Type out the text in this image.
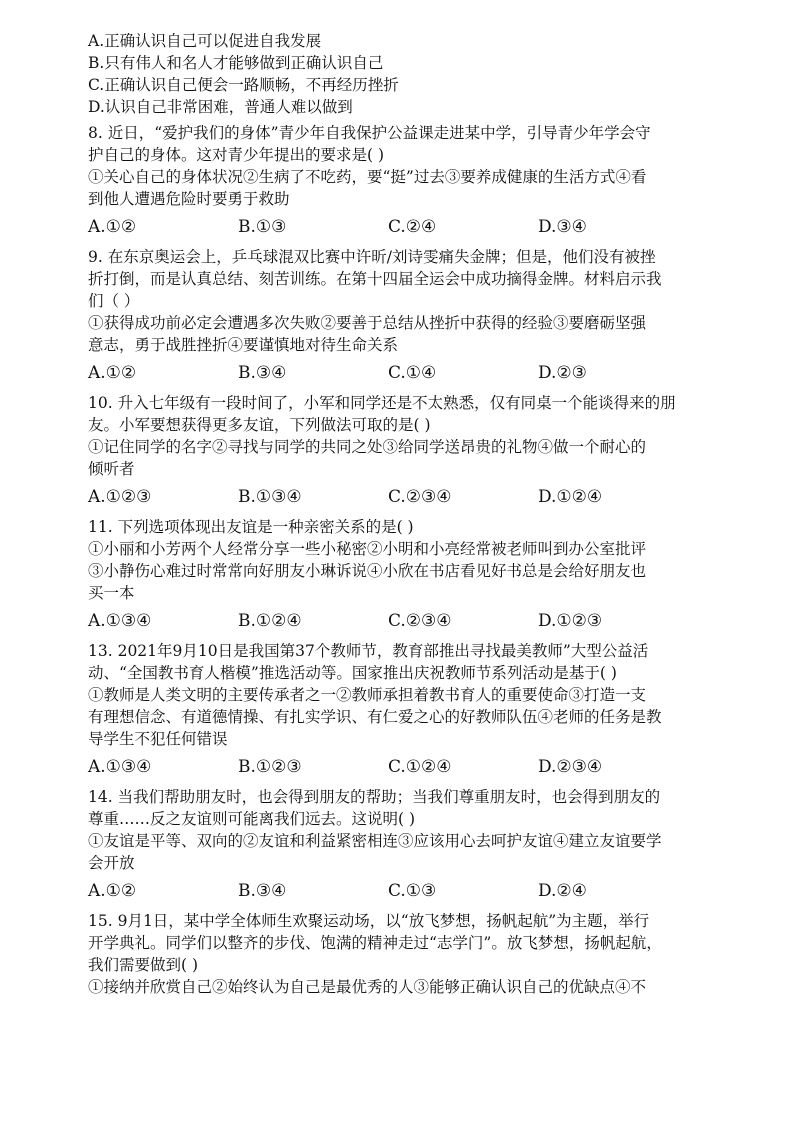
A.正确认识自己可以促进自我发展
B.只有伟人和名人才能够做到正确认识自己
C.正确认识自己便会一路顺畅，不再经历挫折
D.认识自己非常困难，普通人难以做到
8. 近日，“爱护我们的身体”青少年自我保护公益课走进某中学，引导青少年学会守
护自己的身体。这对青少年提出的要求是( )
①关心自己的身体状况②生病了不吃药，要“挺”过去③要养成健康的生活方式④看
到他人遭遇危险时要勇于救助
A.①②	B.①③	C.②④	D.③④
9. 在东京奥运会上，乒乓球混双比赛中许昕/刘诗雯痛失金牌；但是，他们没有被挫
折打倒，而是认真总结、刻苦训练。在第十四届全运会中成功摘得金牌。材料启示我
们（ ）
①获得成功前必定会遭遇多次失败②要善于总结从挫折中获得的经验③要磨砺坚强
意志，勇于战胜挫折④要谨慎地对待生命关系
A.①②	B.③④	C.①④	D.②③
10. 升入七年级有一段时间了，小军和同学还是不太熟悉，仅有同桌一个能谈得来的朋
友。小军要想获得更多友谊，下列做法可取的是( )
①记住同学的名字②寻找与同学的共同之处③给同学送昂贵的礼物④做一个耐心的
倾听者
A.①②③	B.①③④	C.②③④	D.①②④
11. 下列选项体现出友谊是一种亲密关系的是( )
①小丽和小芳两个人经常分享一些小秘密②小明和小亮经常被老师叫到办公室批评
③小静伤心难过时常常向好朋友小琳诉说④小欣在书店看见好书总是会给好朋友也
买一本
A.①③④	B.①②④	C.②③④	D.①②③
13. 2021年9月10日是我国第37个教师节，教育部推出寻找最美教师”大型公益活
动、“全国教书育人楷模”推选活动等。国家推出庆祝教师节系列活动是基于( )
①教师是人类文明的主要传承者之一②教师承担着教书育人的重要使命③打造一支
有理想信念、有道德情操、有扎实学识、有仁爱之心的好教师队伍④老师的任务是教
导学生不犯任何错误
A.①③④	B.①②③	C.①②④	D.②③④
14. 当我们帮助朋友时，也会得到朋友的帮助；当我们尊重朋友时，也会得到朋友的
尊重……反之友谊则可能离我们远去。这说明( )
①友谊是平等、双向的②友谊和利益紧密相连③应该用心去呵护友谊④建立友谊要学
会开放
A.①②	B.③④	C.①③	D.②④
15. 9月1日，某中学全体师生欢聚运动场，以“放飞梦想，扬帆起航”为主题，举行
开学典礼。同学们以整齐的步伐、饱满的精神走过“志学门”。放飞梦想，扬帆起航，
我们需要做到( )
①接纳并欣赏自己②始终认为自己是最优秀的人③能够正确认识自己的优缺点④不
